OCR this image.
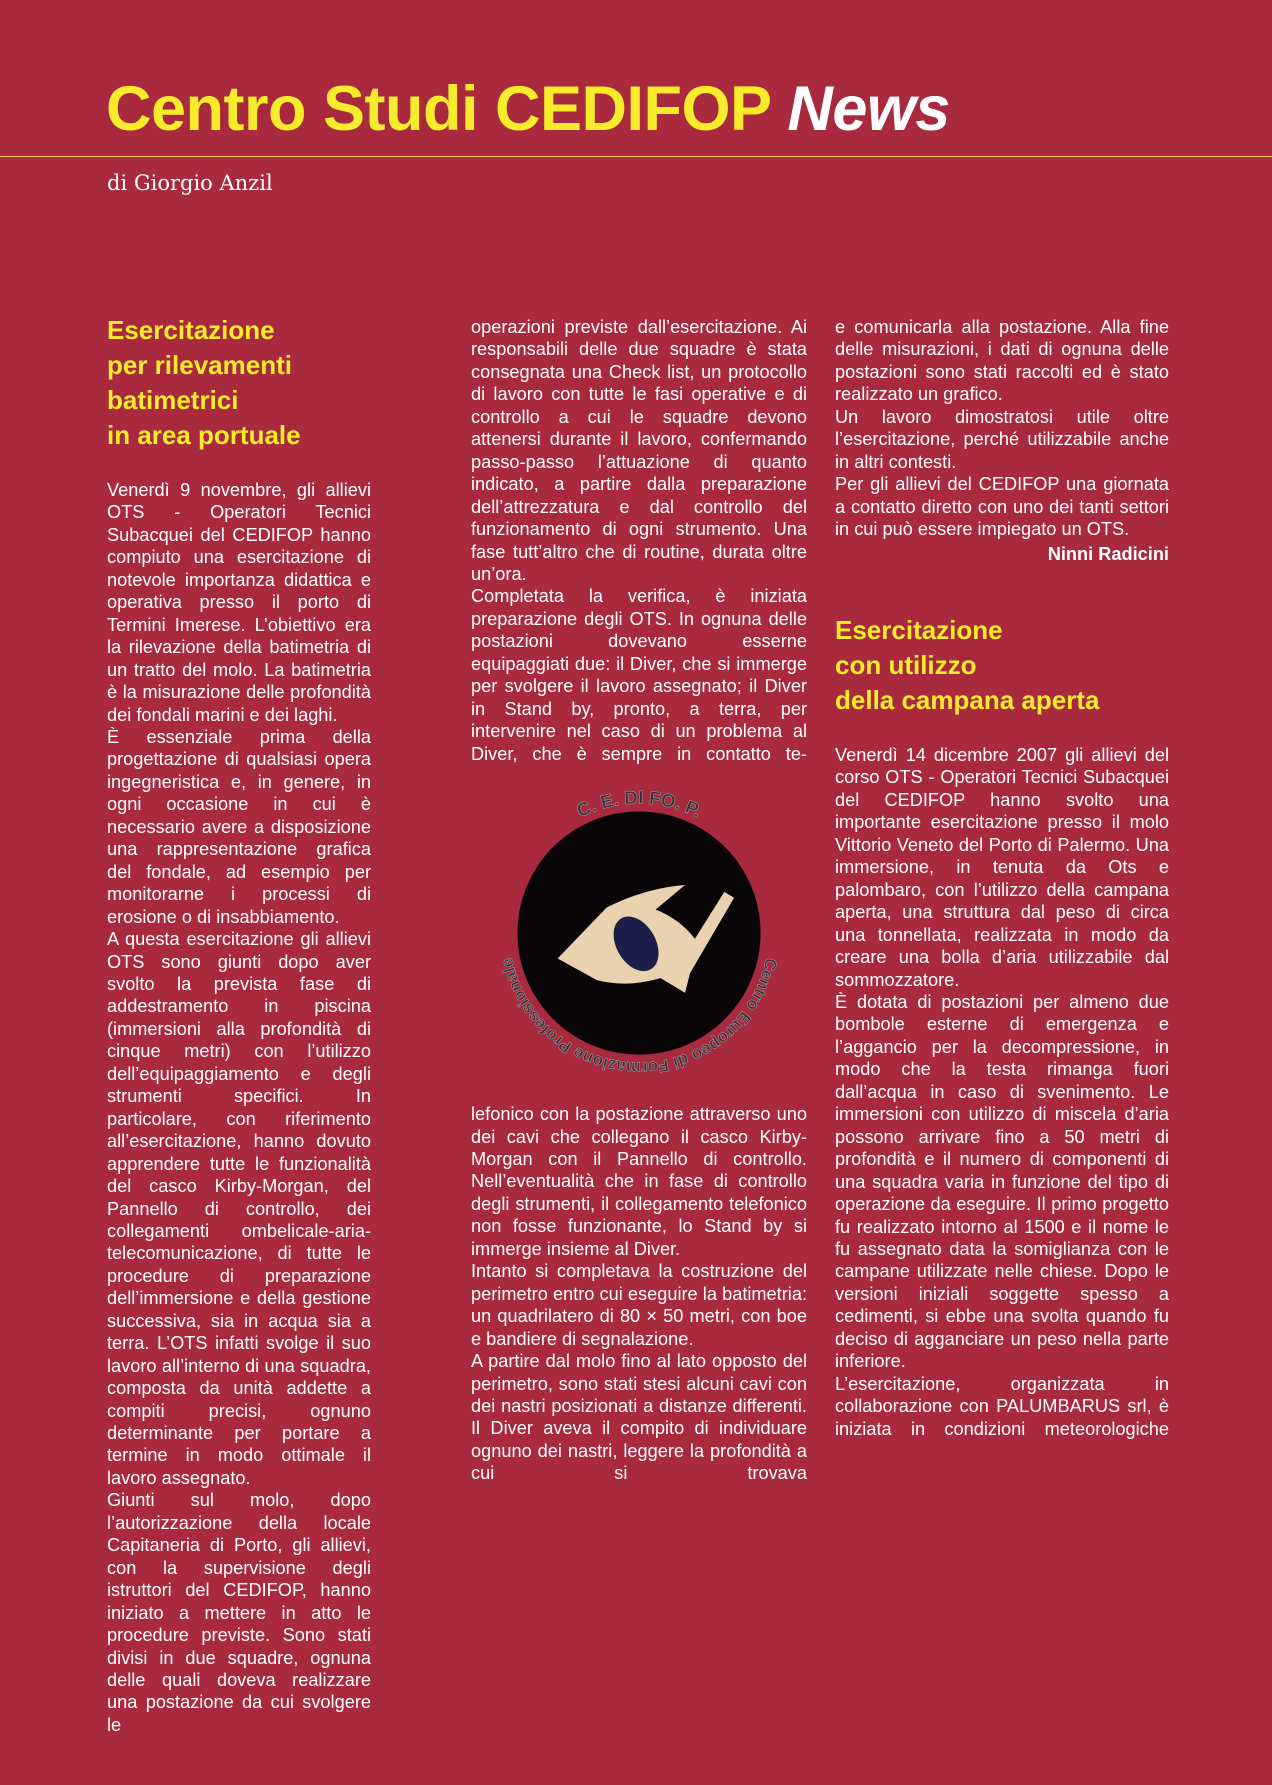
Centro Studi CEDIFOP News
di Giorgio Anzil
Esercitazione
per rilevamenti
batimetrici
in area portuale

Venerdì 9 novembre, gli allievi OTS - Operatori Tecnici Subacquei del CEDIFOP hanno compiuto una esercitazione di notevole importanza didattica e operativa presso il porto di Termini Imerese. L’obiettivo era la rilevazione della batimetria di un tratto del molo. La batimetria è la misurazione delle profondità dei fondali marini e dei laghi.

È essenziale prima della progettazione di qualsiasi opera ingegneristica e, in genere, in ogni occasione in cui è necessario avere a disposizione una rappresentazione grafica del fondale, ad esempio per monitorarne i processi di erosione o di insabbiamento.

A questa esercitazione gli allievi OTS sono giunti dopo aver svolto la prevista fase di addestramento in piscina (immersioni alla profondità di cinque metri) con l’utilizzo dell’equipaggiamento e degli strumenti specifici. In particolare, con riferimento all’esercitazione, hanno dovuto apprendere tutte le funzionalità del casco Kirby-Morgan, del Pannello di controllo, dei collegamenti ombelicale-aria-telecomunicazione, di tutte le procedure di preparazione dell’immersione e della gestione successiva, sia in acqua sia a terra. L’OTS infatti svolge il suo lavoro all’interno di una squadra, composta da unità addette a compiti precisi, ognuno determinante per portare a termine in modo ottimale il lavoro assegnato.

Giunti sul molo, dopo l’autorizzazione della locale Capitaneria di Porto, gli allievi, con la supervisione degli istruttori del CEDIFOP, hanno iniziato a mettere in atto le procedure previste. Sono stati divisi in due squadre, ognuna delle quali doveva realizzare una postazione da cui svolgere le

operazioni previste dall’esercitazione. Ai responsabili delle due squadre è stata consegnata una Check list, un protocollo di lavoro con tutte le fasi operative e di controllo a cui le squadre devono attenersi durante il lavoro, confermando passo-passo l’attuazione di quanto indicato, a partire dalla preparazione dell’attrezzatura e dal controllo del funzionamento di ogni strumento. Una fase tutt’altro che di routine, durata oltre un’ora.

Completata la verifica, è iniziata preparazione degli OTS. In ognuna delle postazioni dovevano esserne equipaggiati due: il Diver, che si immerge per svolgere il lavoro assegnato; il Diver in Stand by, pronto, a terra, per intervenire nel caso di un problema al Diver, che è sempre in contatto te-

C. E. DI FO. P.
Centro Europeo di Formazione Professionale

lefonico con la postazione attraverso uno dei cavi che collegano il casco Kirby-Morgan con il Pannello di controllo. Nell’eventualità che in fase di controllo degli strumenti, il collegamento telefonico non fosse funzionante, lo Stand by si immerge insieme al Diver.

Intanto si completava la costruzione del perimetro entro cui eseguire la batimetria: un quadrilatero di 80 × 50 metri, con boe e bandiere di segnalazione.

A partire dal molo fino al lato opposto del perimetro, sono stati stesi alcuni cavi con dei nastri posizionati a distanze differenti. Il Diver aveva il compito di individuare ognuno dei nastri, leggere la profondità a cui si trovava

e comunicarla alla postazione. Alla fine delle misurazioni, i dati di ognuna delle postazioni sono stati raccolti ed è stato realizzato un grafico.

Un lavoro dimostratosi utile oltre l’esercitazione, perché utilizzabile anche in altri contesti.

Per gli allievi del CEDIFOP una giornata a contatto diretto con uno dei tanti settori in cui può essere impiegato un OTS.

Ninni Radicini

Esercitazione
con utilizzo
della campana aperta

Venerdì 14 dicembre 2007 gli allievi del corso OTS - Operatori Tecnici Subacquei del CEDIFOP hanno svolto una importante esercitazione presso il molo Vittorio Veneto del Porto di Palermo. Una immersione, in tenuta da Ots e palombaro, con l’utilizzo della campana aperta, una struttura dal peso di circa una tonnellata, realizzata in modo da creare una bolla d’aria utilizzabile dal sommozzatore.

È dotata di postazioni per almeno due bombole esterne di emergenza e l’aggancio per la decompressione, in modo che la testa rimanga fuori dall’acqua in caso di svenimento. Le immersioni con utilizzo di miscela d’aria possono arrivare fino a 50 metri di profondità e il numero di componenti di una squadra varia in funzione del tipo di operazione da eseguire. Il primo progetto fu realizzato intorno al 1500 e il nome le fu assegnato data la somiglianza con le campane utilizzate nelle chiese. Dopo le versioni iniziali soggette spesso a cedimenti, si ebbe una svolta quando fu deciso di agganciare un peso nella parte inferiore.

L’esercitazione, organizzata in collaborazione con PALUMBARUS srl, è iniziata in condizioni meteorologiche
